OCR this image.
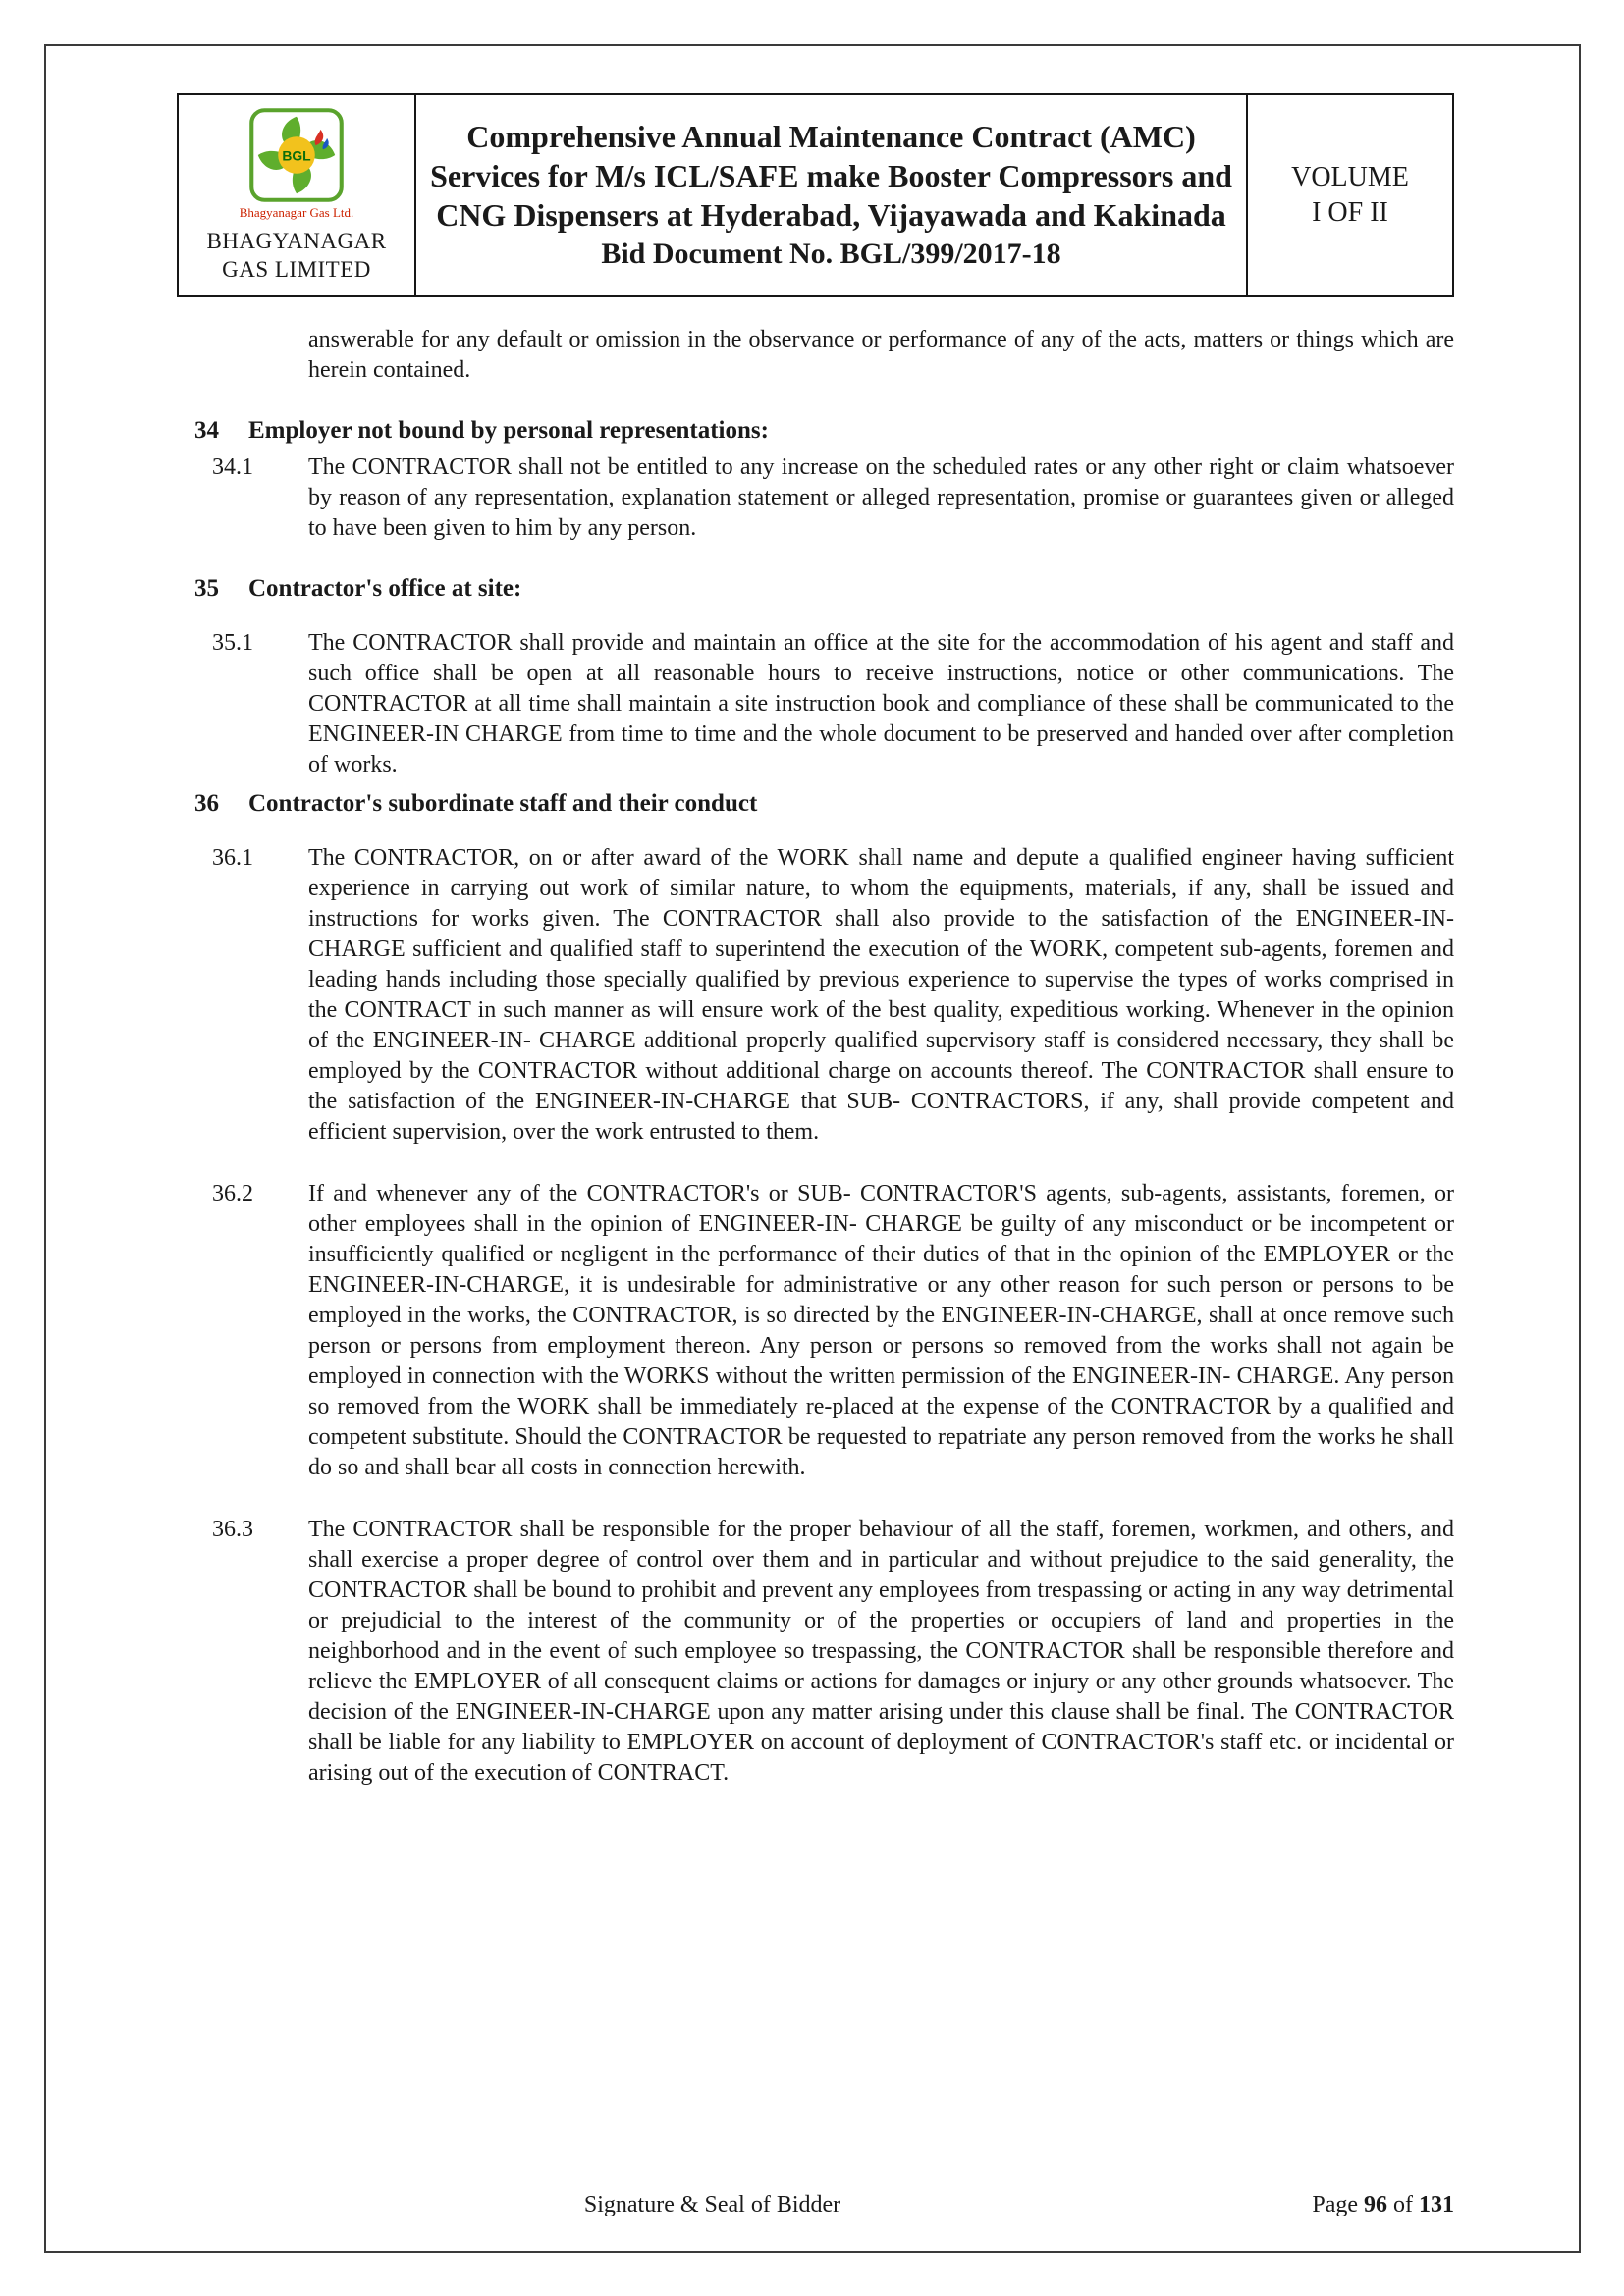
BGL
Bhagyanagar Gas Ltd.
BHAGYANAGAR
GAS LIMITED
Comprehensive Annual Maintenance Contract (AMC) Services for M/s ICL/SAFE make Booster Compressors and CNG Dispensers at Hyderabad, Vijayawada and Kakinada
Bid Document No. BGL/399/2017-18
VOLUME
I OF II

answerable for any default or omission in the observance or performance of any of the acts, matters or things which are herein contained.

34	Employer not bound by personal representations:
34.1	The CONTRACTOR shall not be entitled to any increase on the scheduled rates or any other right or claim whatsoever by reason of any representation, explanation statement or alleged representation, promise or guarantees given or alleged to have been given to him by any person.

35	Contractor's office at site:
35.1	The CONTRACTOR shall provide and maintain an office at the site for the accommodation of his agent and staff and such office shall be open at all reasonable hours to receive instructions, notice or other communications. The CONTRACTOR at all time shall maintain a site instruction book and compliance of these shall be communicated to the ENGINEER-IN CHARGE from time to time and the whole document to be preserved and handed over after completion of works.

36	Contractor's subordinate staff and their conduct
36.1	The CONTRACTOR, on or after award of the WORK shall name and depute a qualified engineer having sufficient experience in carrying out work of similar nature, to whom the equipments, materials, if any, shall be issued and instructions for works given. The CONTRACTOR shall also provide to the satisfaction of the ENGINEER-IN- CHARGE sufficient and qualified staff to superintend the execution of the WORK, competent sub-agents, foremen and leading hands including those specially qualified by previous experience to supervise the types of works comprised in the CONTRACT in such manner as will ensure work of the best quality, expeditious working. Whenever in the opinion of the ENGINEER-IN- CHARGE additional properly qualified supervisory staff is considered necessary, they shall be employed by the CONTRACTOR without additional charge on accounts thereof. The CONTRACTOR shall ensure to the satisfaction of the ENGINEER-IN-CHARGE that SUB- CONTRACTORS, if any, shall provide competent and efficient supervision, over the work entrusted to them.

36.2	If and whenever any of the CONTRACTOR's or SUB- CONTRACTOR'S agents, sub-agents, assistants, foremen, or other employees shall in the opinion of ENGINEER-IN- CHARGE be guilty of any misconduct or be incompetent or insufficiently qualified or negligent in the performance of their duties of that in the opinion of the EMPLOYER or the ENGINEER-IN-CHARGE, it is undesirable for administrative or any other reason for such person or persons to be employed in the works, the CONTRACTOR, is so directed by the ENGINEER-IN-CHARGE, shall at once remove such person or persons from employment thereon. Any person or persons so removed from the works shall not again be employed in connection with the WORKS without the written permission of the ENGINEER-IN- CHARGE. Any person so removed from the WORK shall be immediately re-placed at the expense of the CONTRACTOR by a qualified and competent substitute. Should the CONTRACTOR be requested to repatriate any person removed from the works he shall do so and shall bear all costs in connection herewith.

36.3	The CONTRACTOR shall be responsible for the proper behaviour of all the staff, foremen, workmen, and others, and shall exercise a proper degree of control over them and in particular and without prejudice to the said generality, the CONTRACTOR shall be bound to prohibit and prevent any employees from trespassing or acting in any way detrimental or prejudicial to the interest of the community or of the properties or occupiers of land and properties in the neighborhood and in the event of such employee so trespassing, the CONTRACTOR shall be responsible therefore and relieve the EMPLOYER of all consequent claims or actions for damages or injury or any other grounds whatsoever. The decision of the ENGINEER-IN-CHARGE upon any matter arising under this clause shall be final. The CONTRACTOR shall be liable for any liability to EMPLOYER on account of deployment of CONTRACTOR's staff etc. or incidental or arising out of the execution of CONTRACT.

Signature & Seal of Bidder	Page 96 of 131
